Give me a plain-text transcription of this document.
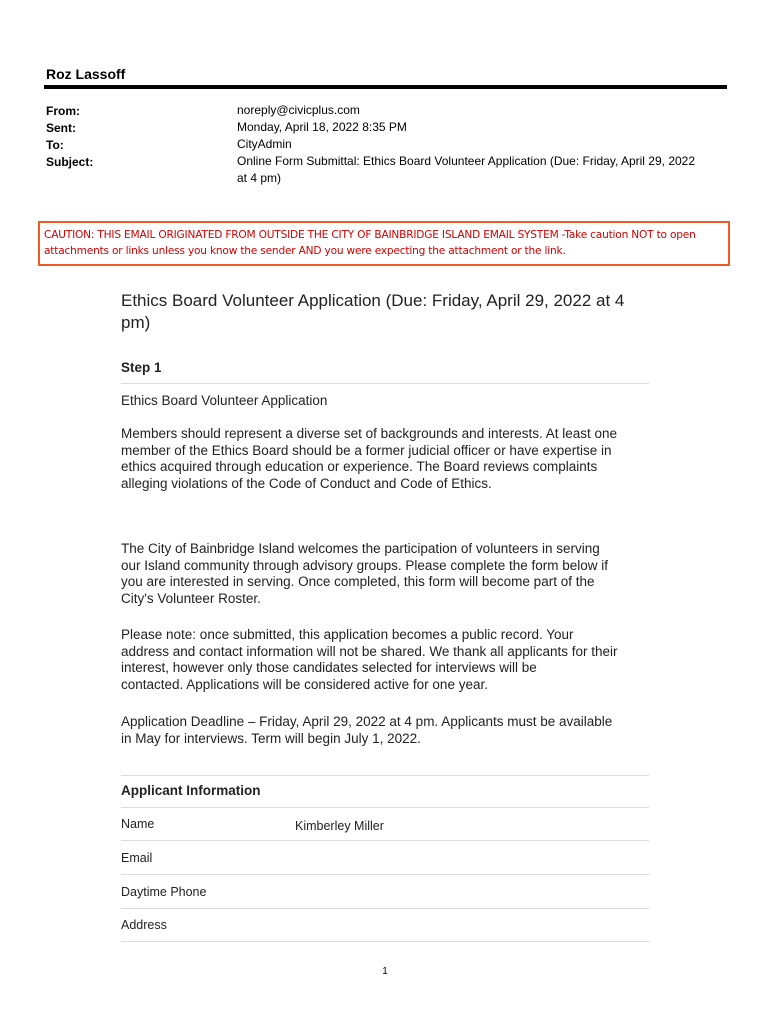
Roz Lassoff
From:	noreply@civicplus.com
Sent:	Monday, April 18, 2022 8:35 PM
To:	CityAdmin
Subject:	Online Form Submittal: Ethics Board Volunteer Application (Due: Friday, April 29, 2022
at 4 pm)
CAUTION: THIS EMAIL ORIGINATED FROM OUTSIDE THE CITY OF BAINBRIDGE ISLAND EMAIL SYSTEM -Take caution NOT to open
attachments or links unless you know the sender AND you were expecting the attachment or the link.
Ethics Board Volunteer Application (Due: Friday, April 29, 2022 at 4
pm)
Step 1
Ethics Board Volunteer Application
Members should represent a diverse set of backgrounds and interests. At least one
member of the Ethics Board should be a former judicial officer or have expertise in
ethics acquired through education or experience. The Board reviews complaints
alleging violations of the Code of Conduct and Code of Ethics.
The City of Bainbridge Island welcomes the participation of volunteers in serving
our Island community through advisory groups. Please complete the form below if
you are interested in serving. Once completed, this form will become part of the
City's Volunteer Roster.
Please note: once submitted, this application becomes a public record. Your
address and contact information will not be shared. We thank all applicants for their
interest, however only those candidates selected for interviews will be
contacted. Applications will be considered active for one year.
Application Deadline – Friday, April 29, 2022 at 4 pm. Applicants must be available
in May for interviews. Term will begin July 1, 2022.
Applicant Information
Name	Kimberley Miller
Email
Daytime Phone
Address
1
